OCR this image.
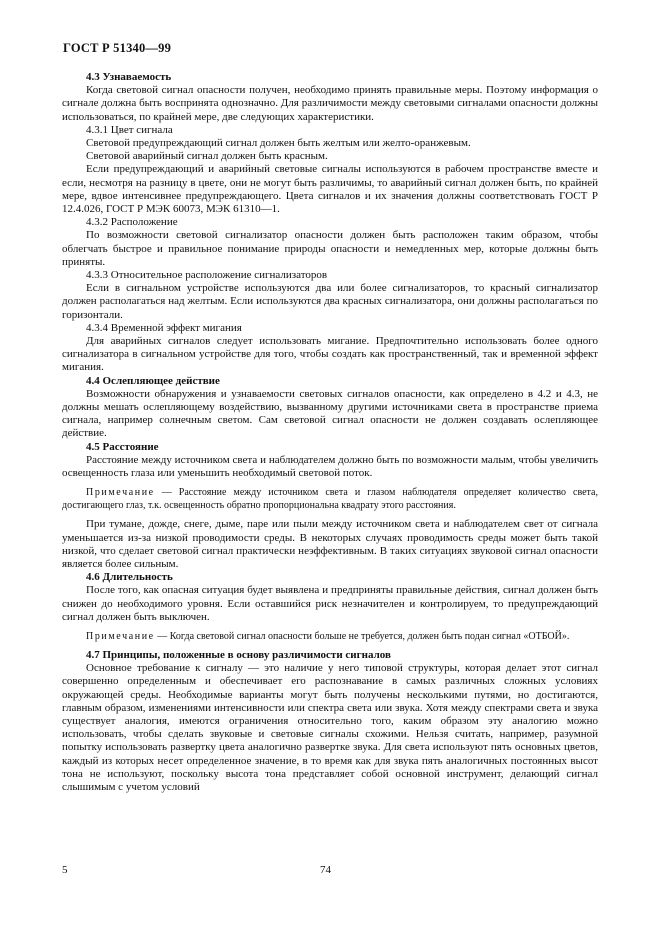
ГОСТ Р 51340—99

4.3 Узнаваемость

Когда световой сигнал опасности получен, необходимо принять правильные меры. Поэтому информация о сигнале должна быть воспринята однозначно. Для различимости между световыми сигналами опасности должны использоваться, по крайней мере, две следующих характеристики.

4.3.1 Цвет сигнала

Световой предупреждающий сигнал должен быть желтым или желто-оранжевым.

Световой аварийный сигнал должен быть красным.

Если предупреждающий и аварийный световые сигналы используются в рабочем пространстве вместе и если, несмотря на разницу в цвете, они не могут быть различимы, то аварийный сигнал должен быть, по крайней мере, вдвое интенсивнее предупреждающего. Цвета сигналов и их значения должны соответствовать ГОСТ Р 12.4.026, ГОСТ Р МЭК 60073, МЭК 61310—1.

4.3.2 Расположение

По возможности световой сигнализатор опасности должен быть расположен таким образом, чтобы облегчать быстрое и правильное понимание природы опасности и немедленных мер, которые должны быть приняты.

4.3.3 Относительное расположение сигнализаторов

Если в сигнальном устройстве используются два или более сигнализаторов, то красный сигнализатор должен располагаться над желтым. Если используются два красных сигнализатора, они должны располагаться по горизонтали.

4.3.4 Временной эффект мигания

Для аварийных сигналов следует использовать мигание. Предпочтительно использовать более одного сигнализатора в сигнальном устройстве для того, чтобы создать как пространственный, так и временной эффект мигания.

4.4 Ослепляющее действие

Возможности обнаружения и узнаваемости световых сигналов опасности, как определено в 4.2 и 4.3, не должны мешать ослепляющему воздействию, вызванному другими источниками света в пространстве приема сигнала, например солнечным светом. Сам световой сигнал опасности не должен создавать ослепляющее действие.

4.5 Расстояние

Расстояние между источником света и наблюдателем должно быть по возможности малым, чтобы увеличить освещенность глаза или уменьшить необходимый световой поток.

Примечание — Расстояние между источником света и глазом наблюдателя определяет количество света, достигающего глаз, т.к. освещенность обратно пропорциональна квадрату этого расстояния.

При тумане, дожде, снеге, дыме, паре или пыли между источником света и наблюдателем свет от сигнала уменьшается из-за низкой проводимости среды. В некоторых случаях проводимость среды может быть такой низкой, что сделает световой сигнал практически неэффективным. В таких ситуациях звуковой сигнал опасности является более сильным.

4.6 Длительность

После того, как опасная ситуация будет выявлена и предприняты правильные действия, сигнал должен быть снижен до необходимого уровня. Если оставшийся риск незначителен и контролируем, то предупреждающий сигнал должен быть выключен.

Примечание — Когда световой сигнал опасности больше не требуется, должен быть подан сигнал «ОТБОЙ».

4.7 Принципы, положенные в основу различимости сигналов

Основное требование к сигналу — это наличие у него типовой структуры, которая делает этот сигнал совершенно определенным и обеспечивает его распознавание в самых различных сложных условиях окружающей среды. Необходимые варианты могут быть получены несколькими путями, но достигаются, главным образом, изменениями интенсивности или спектра света или звука. Хотя между спектрами света и звука существует аналогия, имеются ограничения относительно того, каким образом эту аналогию можно использовать, чтобы сделать звуковые и световые сигналы схожими. Нельзя считать, например, разумной попытку использовать развертку цвета аналогично развертке звука. Для света используют пять основных цветов, каждый из которых несет определенное значение, в то время как для звука пять аналогичных постоянных высот тона не используют, поскольку высота тона представляет собой основной инструмент, делающий сигнал слышимым с учетом условий

5	74
